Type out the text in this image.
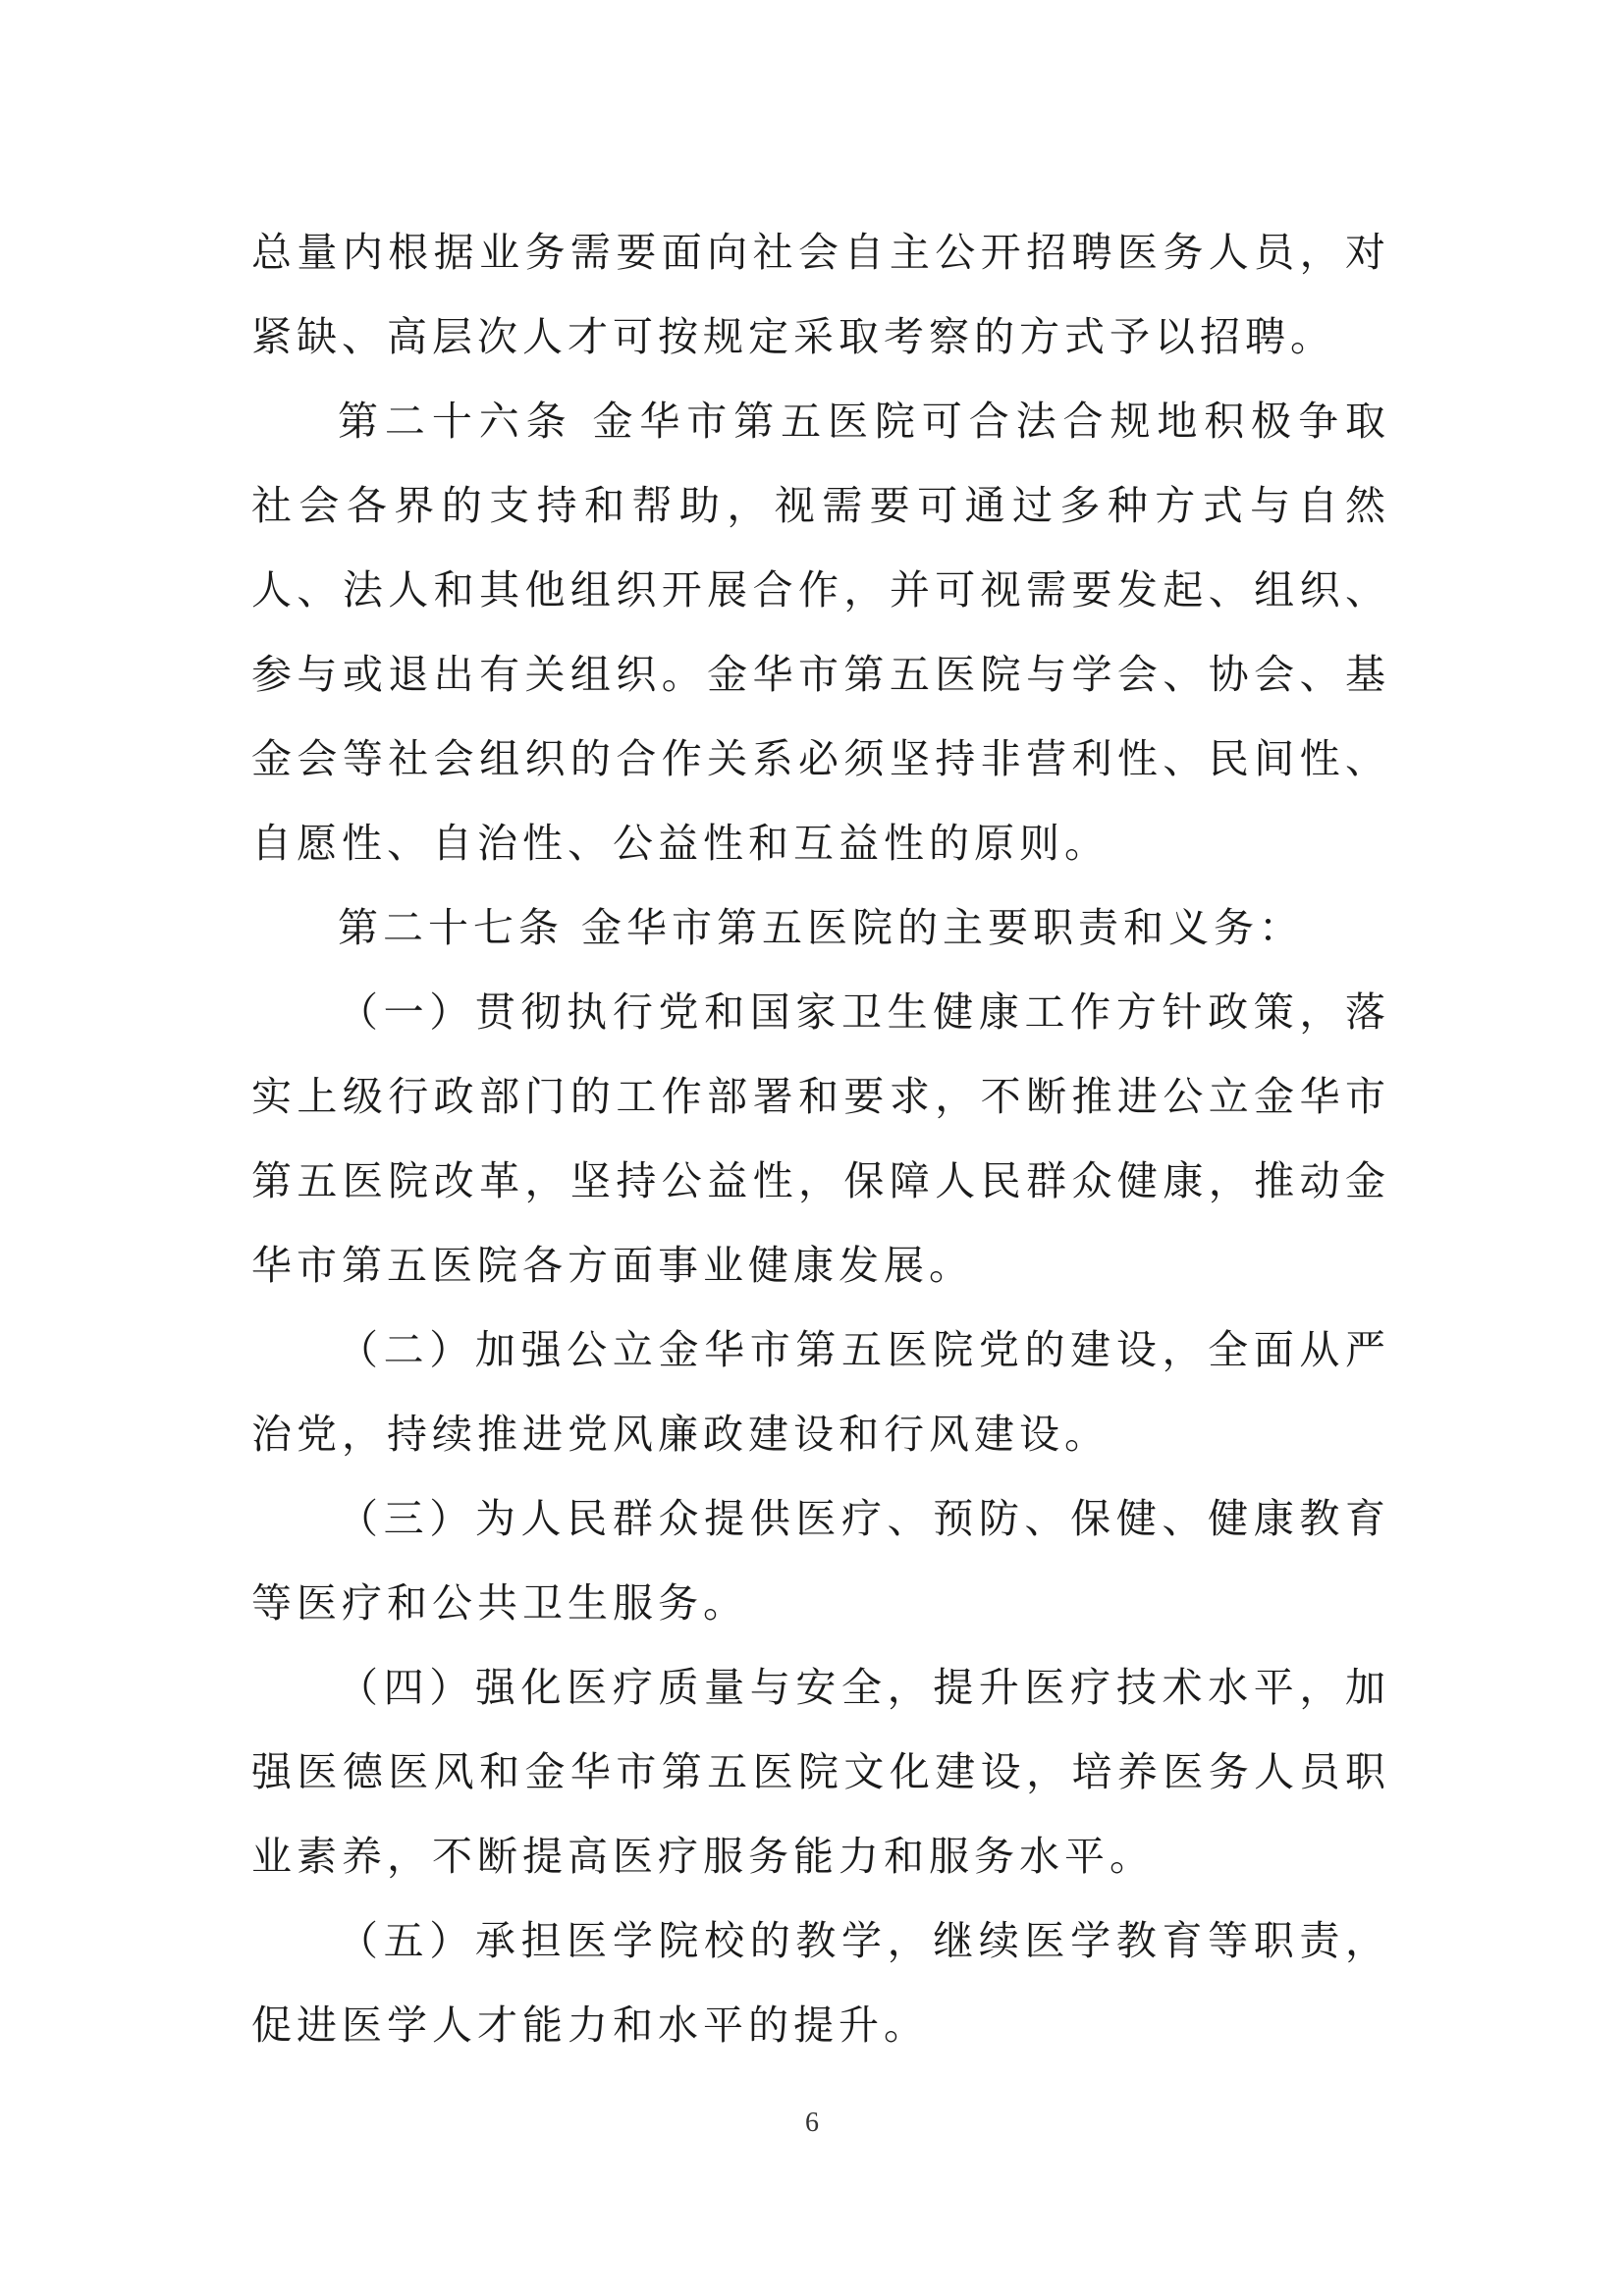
总量内根据业务需要面向社会自主公开招聘医务人员，对紧缺、高层次人才可按规定采取考察的方式予以招聘。

第二十六条 金华市第五医院可合法合规地积极争取社会各界的支持和帮助，视需要可通过多种方式与自然人、法人和其他组织开展合作，并可视需要发起、组织、参与或退出有关组织。金华市第五医院与学会、协会、基金会等社会组织的合作关系必须坚持非营利性、民间性、自愿性、自治性、公益性和互益性的原则。

第二十七条 金华市第五医院的主要职责和义务：

（一）贯彻执行党和国家卫生健康工作方针政策，落实上级行政部门的工作部署和要求，不断推进公立金华市第五医院改革，坚持公益性，保障人民群众健康，推动金华市第五医院各方面事业健康发展。

（二）加强公立金华市第五医院党的建设，全面从严治党，持续推进党风廉政建设和行风建设。

（三）为人民群众提供医疗、预防、保健、健康教育等医疗和公共卫生服务。

（四）强化医疗质量与安全，提升医疗技术水平，加强医德医风和金华市第五医院文化建设，培养医务人员职业素养，不断提高医疗服务能力和服务水平。

（五）承担医学院校的教学，继续医学教育等职责，促进医学人才能力和水平的提升。

6
